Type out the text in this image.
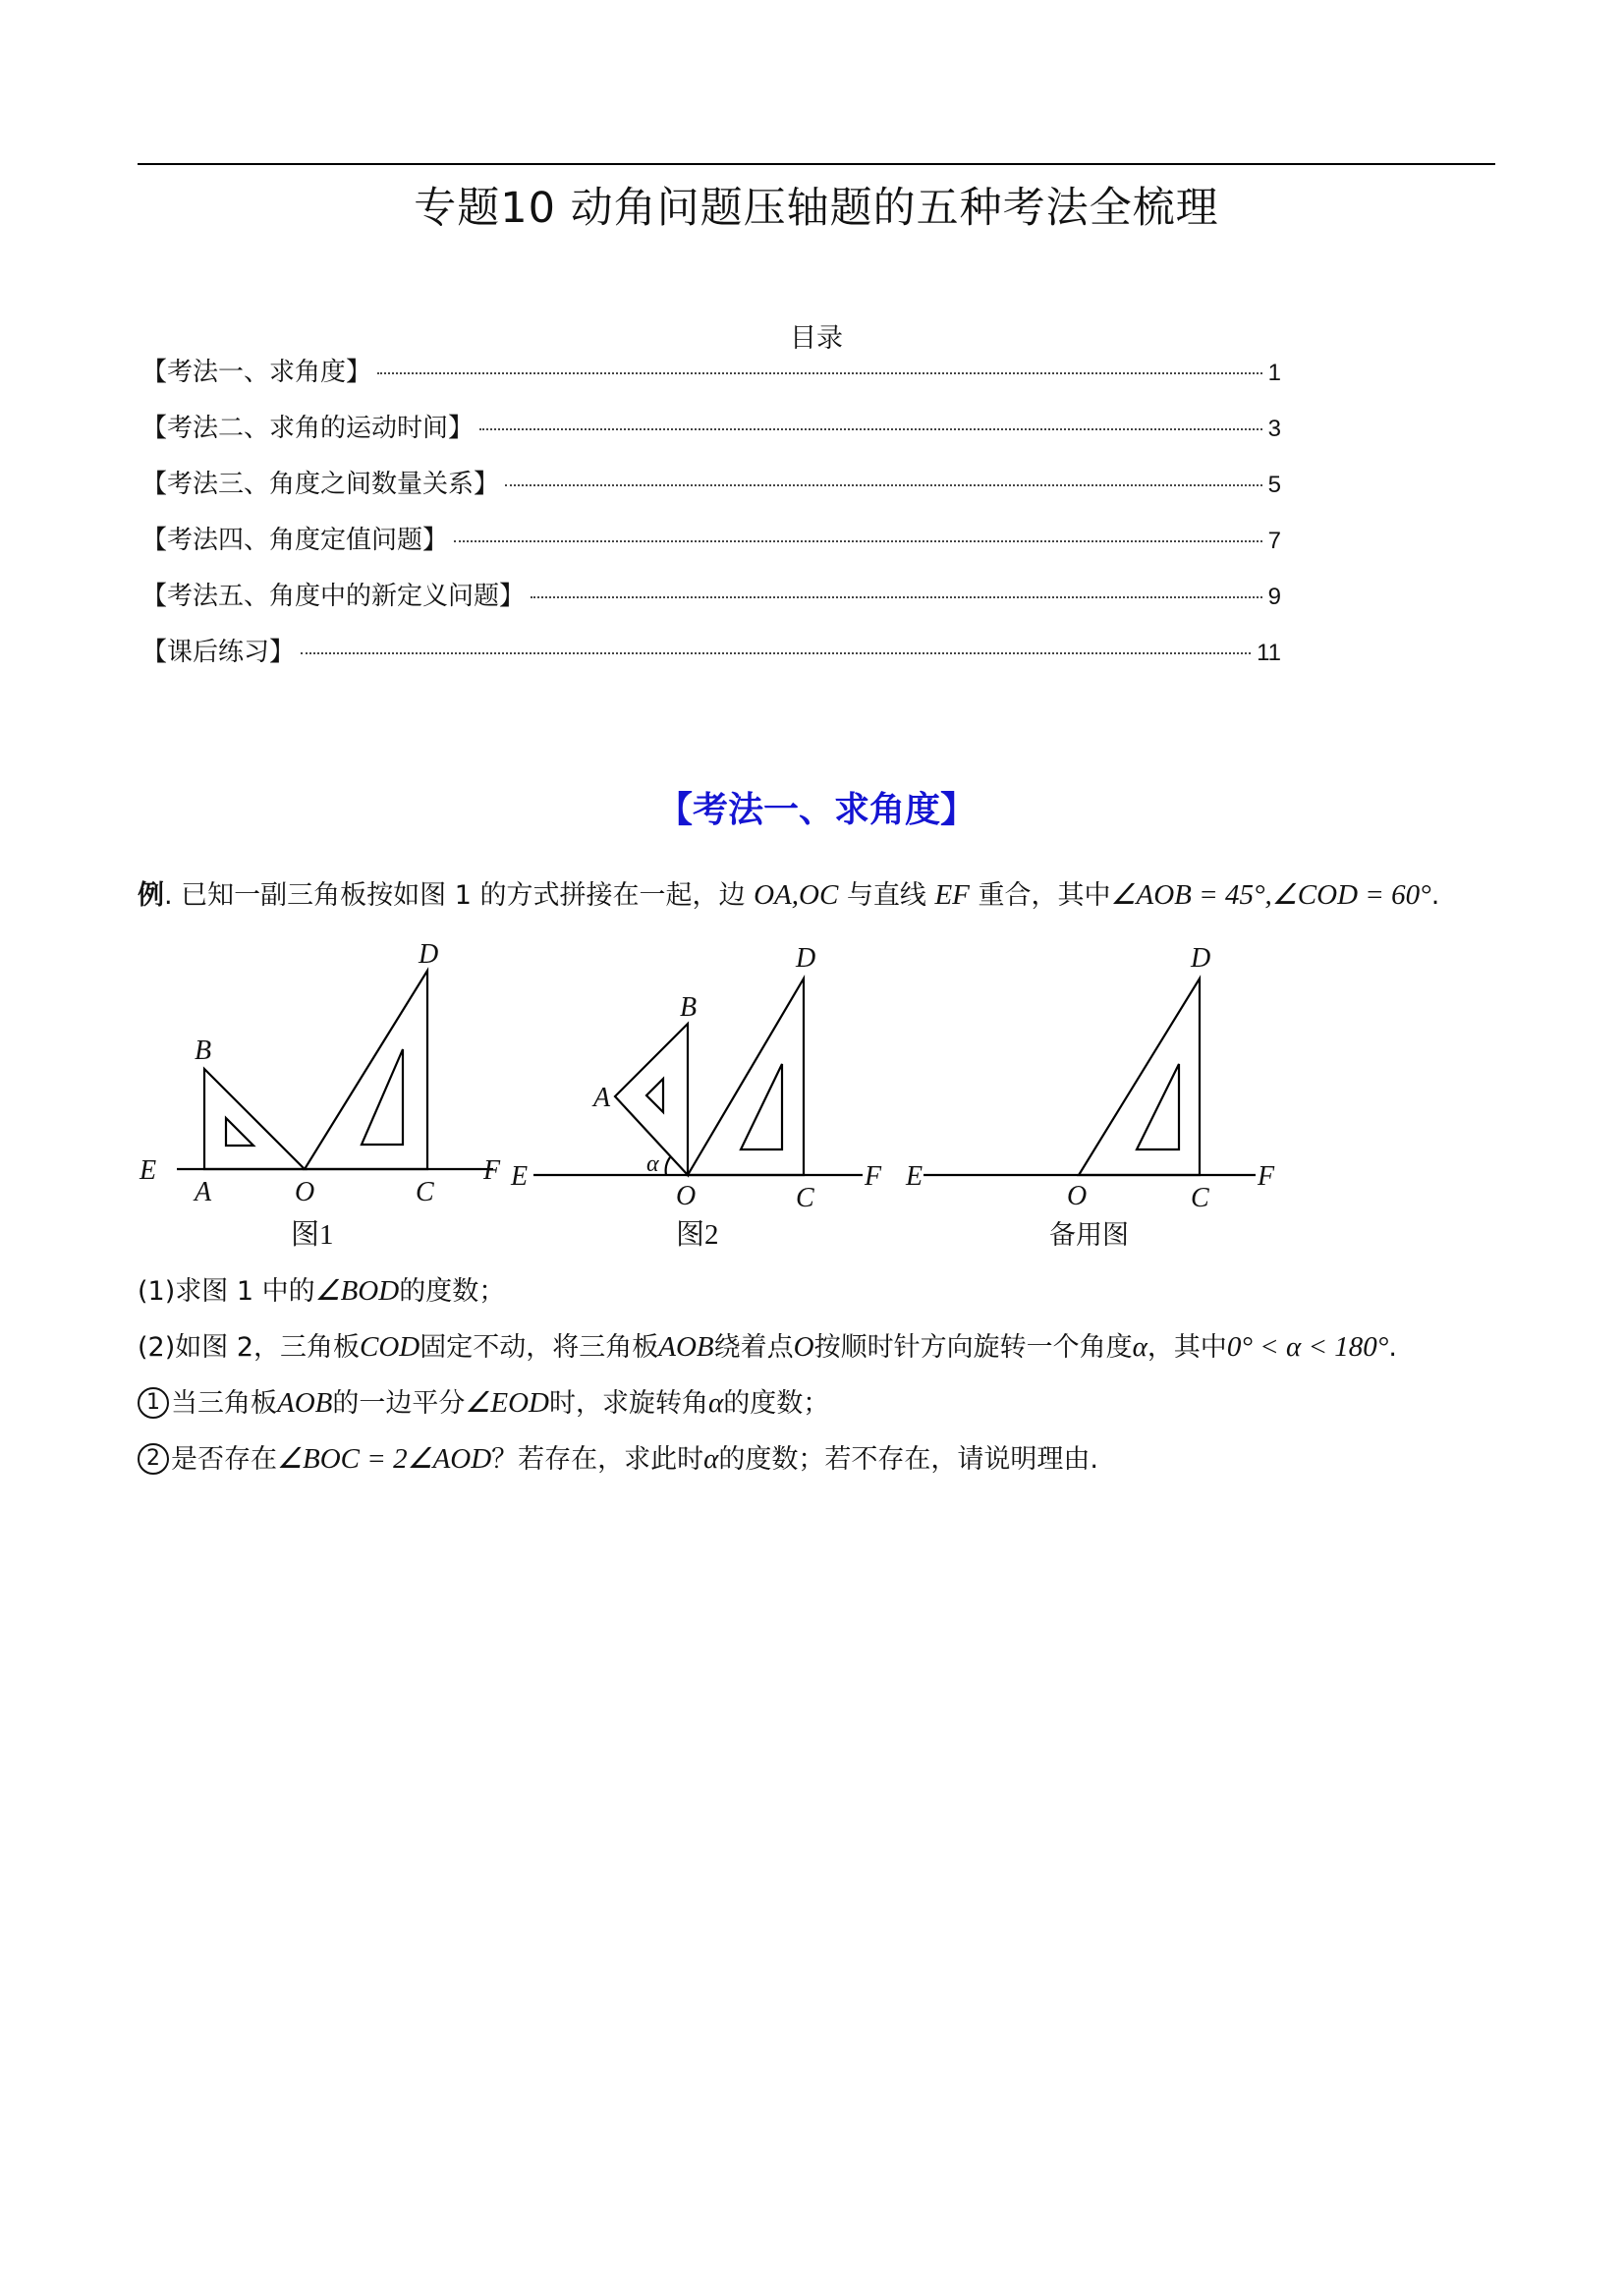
专题10 动角问题压轴题的五种考法全梳理
目录
【考法一、求角度】	1
【考法二、求角的运动时间】	3
【考法三、角度之间数量关系】	5
【考法四、角度定值问题】	7
【考法五、角度中的新定义问题】	9
【课后练习】	11
【考法一、求角度】
例. 已知一副三角板按如图 1 的方式拼接在一起，边 OA,OC 与直线 EF 重合，其中∠AOB = 45°,∠COD = 60°.
E
A	O	C
F
B
D
E
O	C
F
A
B
D
α	E
O	C
F
D
图1	图2	备用图
(1)求图 1 中的∠BOD的度数；
(2)如图 2，三角板COD固定不动，将三角板AOB绕着点O按顺时针方向旋转一个角度α，其中0° < α < 180°.
1 当三角板AOB的一边平分∠EOD时，求旋转角α的度数；
2 是否存在∠BOC = 2∠AOD？若存在，求此时α的度数；若不存在，请说明理由.
